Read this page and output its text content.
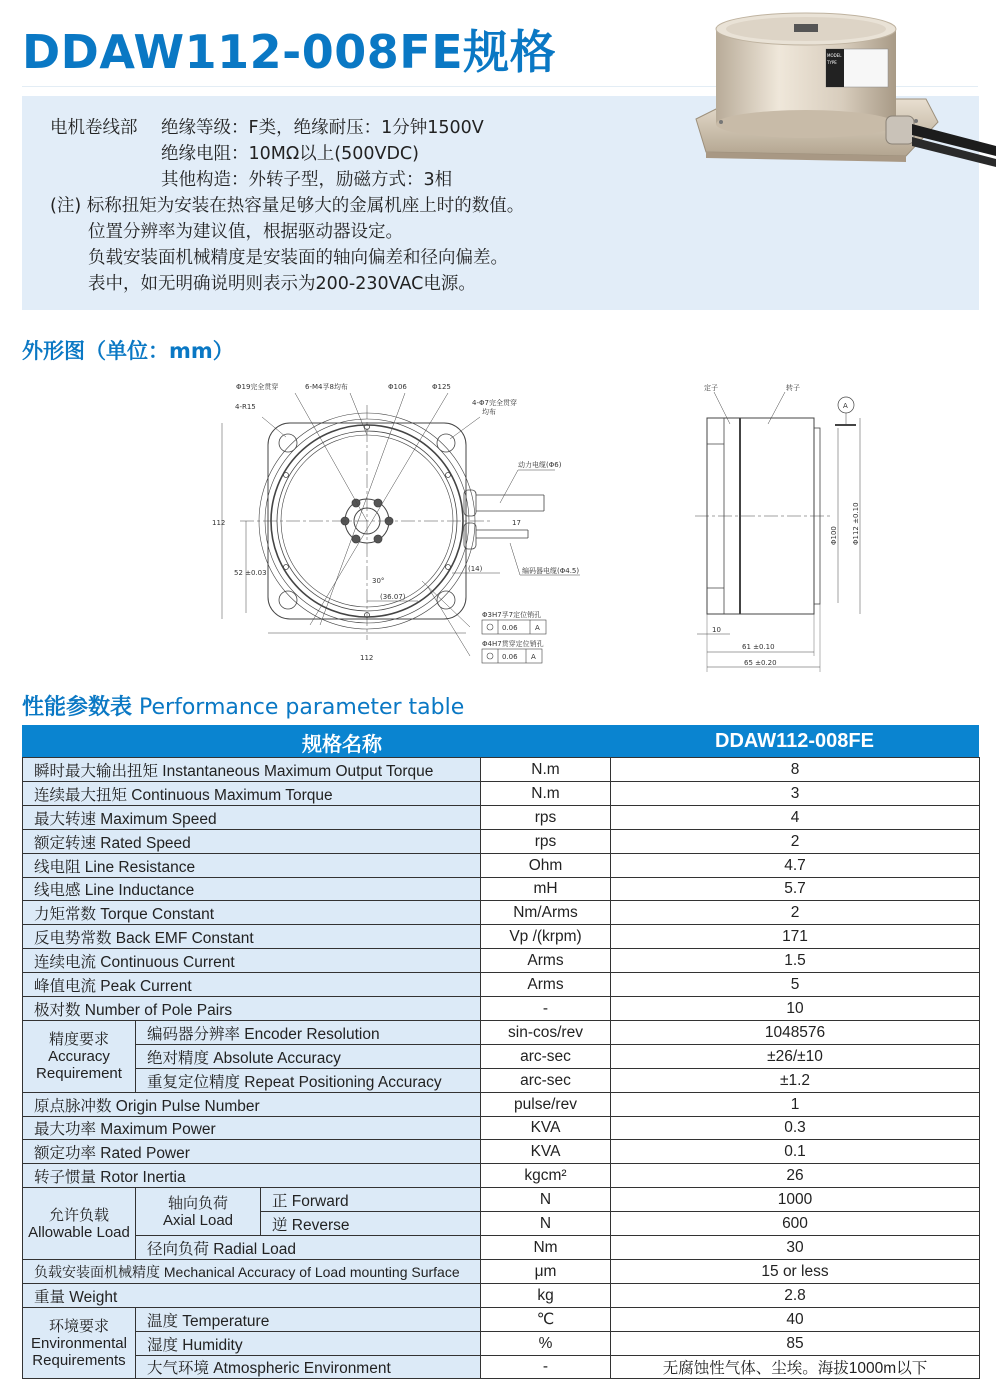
DDAW112-008FE规格
电机卷线部 绝缘等级：F类，绝缘耐压：1分钟1500V
绝缘电阻：10MΩ以上(500VDC)
其他构造：外转子型，励磁方式：3相
(注) 标称扭矩为安装在热容量足够大的金属机座上时的数值。
位置分辨率为建议值，根据驱动器设定。
负载安装面机械精度是安装面的轴向偏差和径向偏差。
表中，如无明确说明则表示为200-230VAC电源。
MODEL
TYPE
外形图（单位：mm）
Φ19完全贯穿	6-M4孚8均布	Φ106	Φ125
4-R15	4-Φ7完全贯穿
均布
动力电缆(Φ6)
17
(14)	编码器电缆(Φ4.5)
112
52 ±0.03
30°
(36.07)
112
Φ3H7孚7定位销孔
Φ4H7贯穿定位销孔
0.06 A
0.06 A
定子	转子
A
Φ100 Φ112 ±0.10
10
61 ±0.10
65 ±0.20
性能参数表 Performance parameter table
规格名称	DDAW112-008FE
瞬时最大输出扭矩 Instantaneous Maximum Output Torque	N.m	8
连续最大扭矩 Continuous Maximum Torque	N.m	3
最大转速 Maximum Speed	rps	4
额定转速 Rated Speed	rps	2
线电阻 Line Resistance	Ohm	4.7
线电感 Line Inductance	mH	5.7
力矩常数 Torque Constant	Nm/Arms	2
反电势常数 Back EMF Constant	Vp /(krpm)	171
连续电流 Continuous Current	Arms	1.5
峰值电流 Peak Current	Arms	5
极对数 Number of Pole Pairs	-	10
编码器分辨率 Encoder Resolution	sin-cos/rev	1048576
绝对精度 Absolute Accuracy	arc-sec	±26/±10
重复定位精度 Repeat Positioning Accuracy	arc-sec	±1.2
原点脉冲数 Origin Pulse Number	pulse/rev	1
最大功率 Maximum Power	KVA	0.3
额定功率 Rated Power	KVA	0.1
转子惯量 Rotor Inertia	kgcm²	26
正 Forward	N	1000
逆 Reverse	N	600
径向负荷 Radial Load	Nm	30
负载安装面机械精度 Mechanical Accuracy of Load mounting Surface	μm	15 or less
重量 Weight	kg	2.8
温度 Temperature	℃	40
湿度 Humidity	%	85
大气环境 Atmospheric Environment	-	无腐蚀性气体、尘埃。海拔1000m以下
精度要求
Accuracy
Requirement
允许负载
Allowable Load
轴向负荷
Axial Load
环境要求
Environmental
Requirements
